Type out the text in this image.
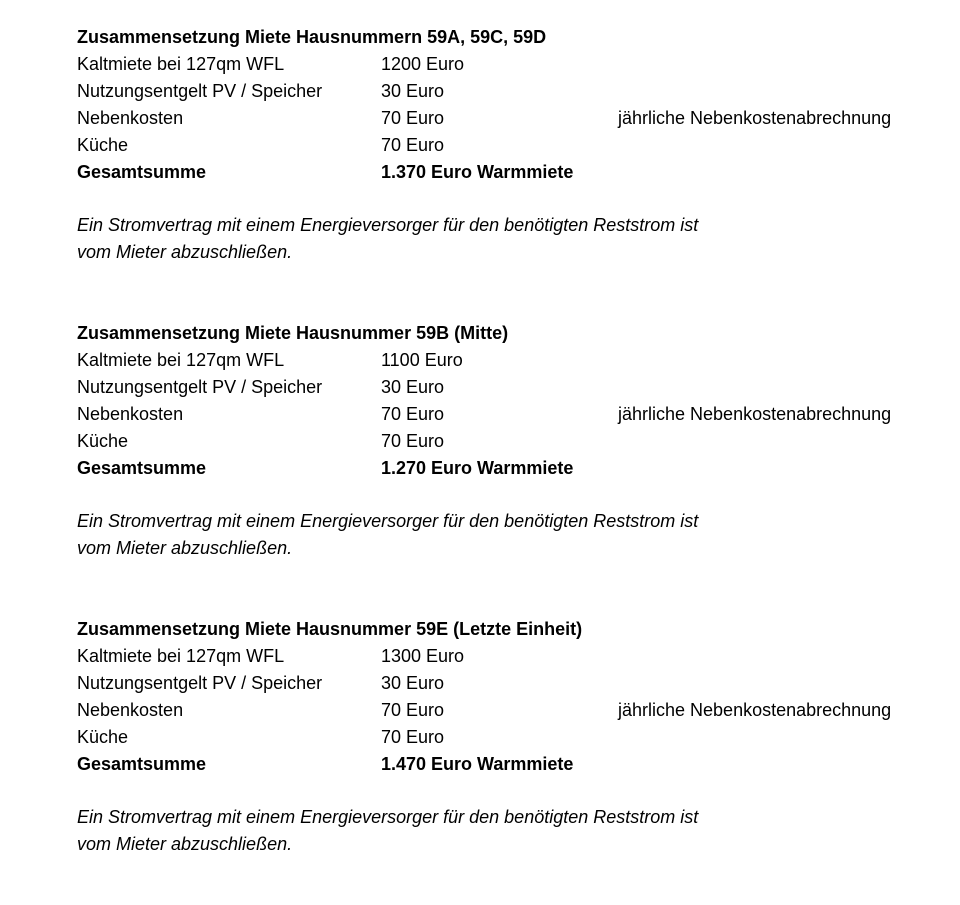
Zusammensetzung Miete Hausnummern 59A, 59C, 59D
Kaltmiete bei 127qm WFL	1200 Euro
Nutzungsentgelt PV / Speicher	30 Euro
Nebenkosten	70 Euro	jährliche Nebenkostenabrechnung
Küche	70 Euro
Gesamtsumme	1.370 Euro Warmmiete
Ein Stromvertrag mit einem Energieversorger für den benötigten Reststrom ist
vom Mieter abzuschließen.
Zusammensetzung Miete Hausnummer 59B (Mitte)
Kaltmiete bei 127qm WFL	1100 Euro
Nutzungsentgelt PV / Speicher	30 Euro
Nebenkosten	70 Euro	jährliche Nebenkostenabrechnung
Küche	70 Euro
Gesamtsumme	1.270 Euro Warmmiete
Ein Stromvertrag mit einem Energieversorger für den benötigten Reststrom ist
vom Mieter abzuschließen.
Zusammensetzung Miete Hausnummer 59E (Letzte Einheit)
Kaltmiete bei 127qm WFL	1300 Euro
Nutzungsentgelt PV / Speicher	30 Euro
Nebenkosten	70 Euro	jährliche Nebenkostenabrechnung
Küche	70 Euro
Gesamtsumme	1.470 Euro Warmmiete
Ein Stromvertrag mit einem Energieversorger für den benötigten Reststrom ist
vom Mieter abzuschließen.
